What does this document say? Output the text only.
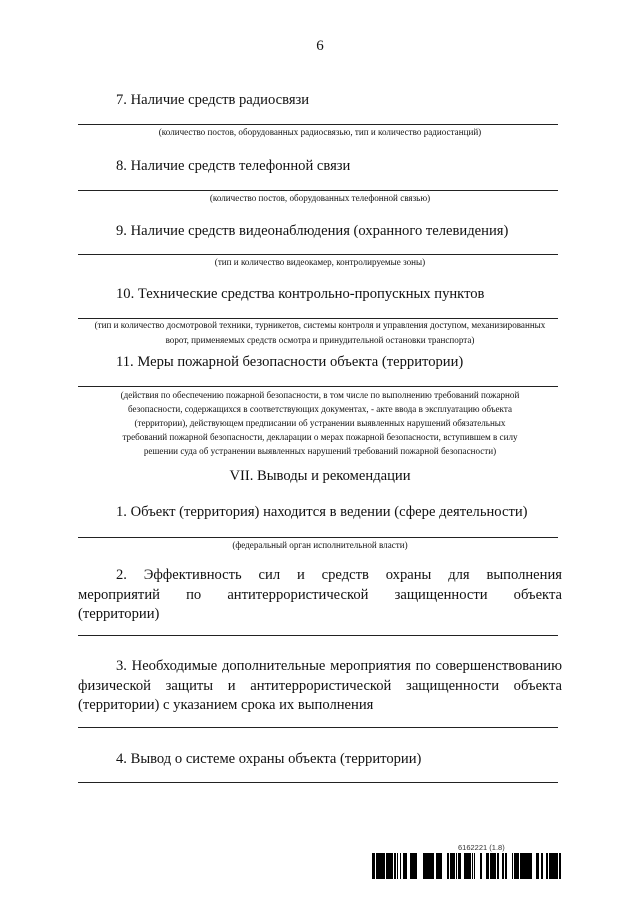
6
7. Наличие средств радиосвязи
(количество постов, оборудованных радиосвязью, тип и количество радиостанций)
8. Наличие средств телефонной связи
(количество постов, оборудованных телефонной связью)
9. Наличие средств видеонаблюдения (охранного телевидения)
(тип и количество видеокамер, контролируемые зоны)
10. Технические средства контрольно-пропускных пунктов
(тип и количество досмотровой техники, турникетов, системы контроля и управления доступом, механизированных
ворот, применяемых средств осмотра и принудительной остановки транспорта)
11. Меры пожарной безопасности объекта (территории)
(действия по обеспечению пожарной безопасности, в том числе по выполнению требований пожарной
безопасности, содержащихся в соответствующих документах, - акте ввода в эксплуатацию объекта
(территории), действующем предписании об устранении выявленных нарушений обязательных
требований пожарной безопасности, декларации о мерах пожарной безопасности, вступившем в силу
решении суда об устранении выявленных нарушений требований пожарной безопасности)
VII. Выводы и рекомендации
1. Объект (территория) находится в ведении (сфере деятельности)
(федеральный орган исполнительной власти)
2. Эффективность сил и средств охраны для выполнения
мероприятий по антитеррористической защищенности объекта
(территории)
3. Необходимые дополнительные мероприятия по совершенствованию
физической защиты и антитеррористической защищенности объекта
(территории) с указанием срока их выполнения
4. Вывод о системе охраны объекта (территории)
6162221 (1.8)
